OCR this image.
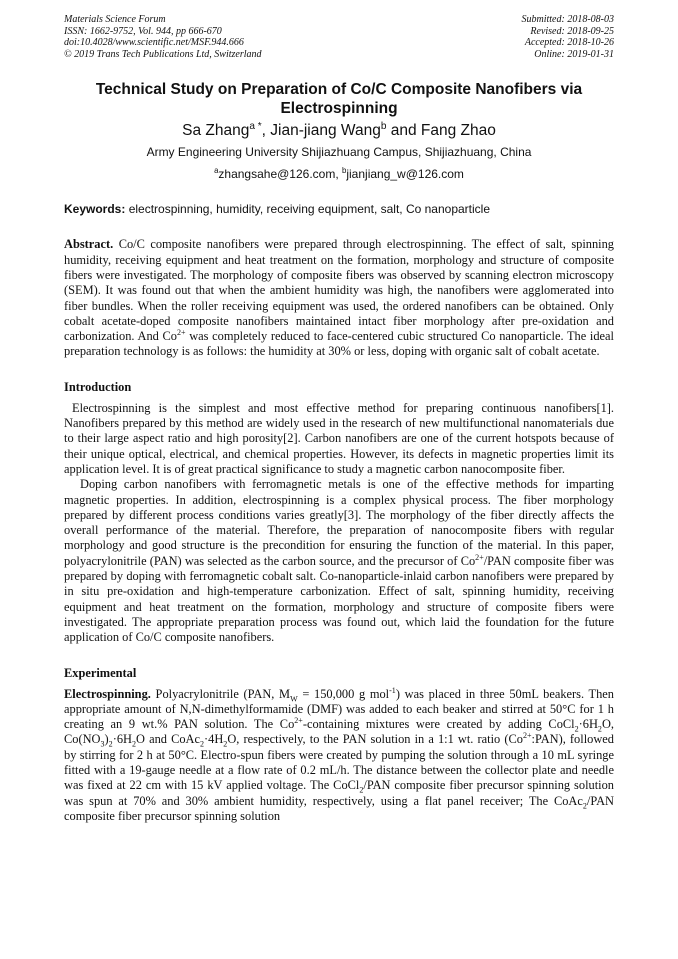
Materials Science Forum
ISSN: 1662-9752, Vol. 944, pp 666-670
doi:10.4028/www.scientific.net/MSF.944.666
© 2019 Trans Tech Publications Ltd, Switzerland
Submitted: 2018-08-03
Revised: 2018-09-25
Accepted: 2018-10-26
Online: 2019-01-31
Technical Study on Preparation of Co/C Composite Nanofibers via Electrospinning
Sa Zhang$^{a *}$, Jian-jiang Wang$^b$ and Fang Zhao
Army Engineering University Shijiazhuang Campus, Shijiazhuang, China
$^a$zhangsahe@126.com, $^b$jianjiang_w@126.com
Keywords: electrospinning, humidity, receiving equipment, salt, Co nanoparticle

Abstract. Co/C composite nanofibers were prepared through electrospinning. The effect of salt, spinning humidity, receiving equipment and heat treatment on the formation, morphology and structure of composite fibers were investigated. The morphology of composite fibers was observed by scanning electron microscopy (SEM). It was found out that when the ambient humidity was high, the nanofibers were agglomerated into fiber bundles. When the roller receiving equipment was used, the ordered nanofibers can be obtained. Only cobalt acetate-doped composite nanofibers maintained intact fiber morphology after pre-oxidation and carbonization. And $Co^{2+}$ was completely reduced to face-centered cubic structured Co nanoparticle. The ideal preparation technology is as follows: the humidity at 30% or less, doping with organic salt of cobalt acetate.

Introduction

Electrospinning is the simplest and most effective method for preparing continuous nanofibers[1]. Nanofibers prepared by this method are widely used in the research of new multifunctional nanomaterials due to their large aspect ratio and high porosity[2]. Carbon nanofibers are one of the current hotspots because of their unique optical, electrical, and chemical properties. However, its defects in magnetic properties limit its application level. It is of great practical significance to study a magnetic carbon nanocomposite fiber.

Doping carbon nanofibers with ferromagnetic metals is one of the effective methods for imparting magnetic properties. In addition, electrospinning is a complex physical process. The fiber morphology prepared by different process conditions varies greatly[3]. The morphology of the fiber directly affects the overall performance of the material. Therefore, the preparation of nanocomposite fibers with regular morphology and good structure is the precondition for ensuring the function of the material. In this paper, polyacrylonitrile (PAN) was selected as the carbon source, and the precursor of $Co^{2+}$/PAN composite fiber was prepared by doping with ferromagnetic cobalt salt. Co-nanoparticle-inlaid carbon nanofibers were prepared by in situ pre-oxidation and high-temperature carbonization. Effect of salt, spinning humidity, receiving equipment and heat treatment on the formation, morphology and structure of composite fibers were investigated. The appropriate preparation process was found out, which laid the foundation for the future application of Co/C composite nanofibers.

Experimental

Electrospinning. Polyacrylonitrile (PAN, $M_W = 150,000$ g mol$^{-1}$) was placed in three 50mL beakers. Then appropriate amount of N,N-dimethylformamide (DMF) was added to each beaker and stirred at 50°C for 1 h creating an 9 wt.% PAN solution. The $Co^{2+}$-containing mixtures were created by adding $CoCl_2\cdot 6H_2O$, $Co(NO_3)_2\cdot 6H_2O$ and $CoAc_2\cdot 4H_2O$, respectively, to the PAN solution in a 1:1 wt. ratio $(Co^{2+}:PAN)$, followed by stirring for 2 h at 50°C. Electro-spun fibers were created by pumping the solution through a 10 mL syringe fitted with a 19-gauge needle at a flow rate of 0.2 mL/h. The distance between the collector plate and needle was fixed at 22 cm with 15 kV applied voltage. The CoCl$_2$/PAN composite fiber precursor spinning solution was spun at 70% and 30% ambient humidity, respectively, using a flat panel receiver; The CoAc$_2$/PAN composite fiber precursor spinning solution
